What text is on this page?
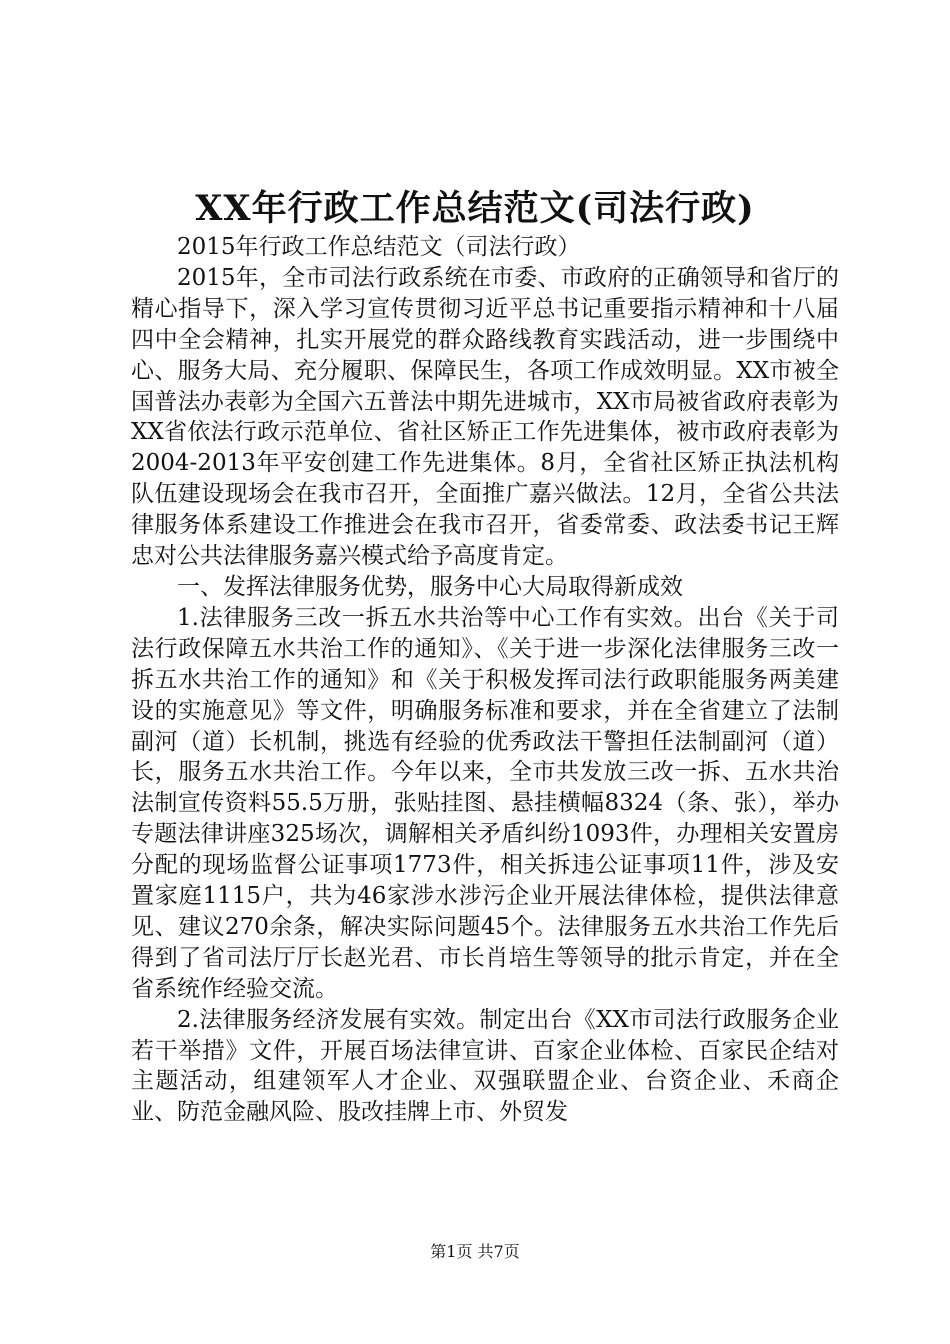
XX年行政工作总结范文(司法行政)

2015年行政工作总结范文（司法行政）

2015年，全市司法行政系统在市委、市政府的正确领导和省厅的精心指导下，深入学习宣传贯彻习近平总书记重要指示精神和十八届四中全会精神，扎实开展党的群众路线教育实践活动，进一步围绕中心、服务大局、充分履职、保障民生，各项工作成效明显。XX市被全国普法办表彰为全国六五普法中期先进城市，XX市局被省政府表彰为XX省依法行政示范单位、省社区矫正工作先进集体，被市政府表彰为2004-2013年平安创建工作先进集体。8月，全省社区矫正执法机构队伍建设现场会在我市召开，全面推广嘉兴做法。12月，全省公共法律服务体系建设工作推进会在我市召开，省委常委、政法委书记王辉忠对公共法律服务嘉兴模式给予高度肯定。

一、发挥法律服务优势，服务中心大局取得新成效

1.法律服务三改一拆五水共治等中心工作有实效。出台《关于司法行政保障五水共治工作的通知》、《关于进一步深化法律服务三改一拆五水共治工作的通知》和《关于积极发挥司法行政职能服务两美建设的实施意见》等文件，明确服务标准和要求，并在全省建立了法制副河（道）长机制，挑选有经验的优秀政法干警担任法制副河（道）长，服务五水共治工作。今年以来，全市共发放三改一拆、五水共治法制宣传资料55.5万册，张贴挂图、悬挂横幅8324（条、张），举办专题法律讲座325场次，调解相关矛盾纠纷1093件，办理相关安置房分配的现场监督公证事项1773件，相关拆违公证事项11件，涉及安置家庭1115户，共为46家涉水涉污企业开展法律体检，提供法律意见、建议270余条，解决实际问题45个。法律服务五水共治工作先后得到了省司法厅厅长赵光君、市长肖培生等领导的批示肯定，并在全省系统作经验交流。

2.法律服务经济发展有实效。制定出台《XX市司法行政服务企业若干举措》文件，开展百场法律宣讲、百家企业体检、百家民企结对主题活动，组建领军人才企业、双强联盟企业、台资企业、禾商企业、防范金融风险、股改挂牌上市、外贸发

第1页 共7页
